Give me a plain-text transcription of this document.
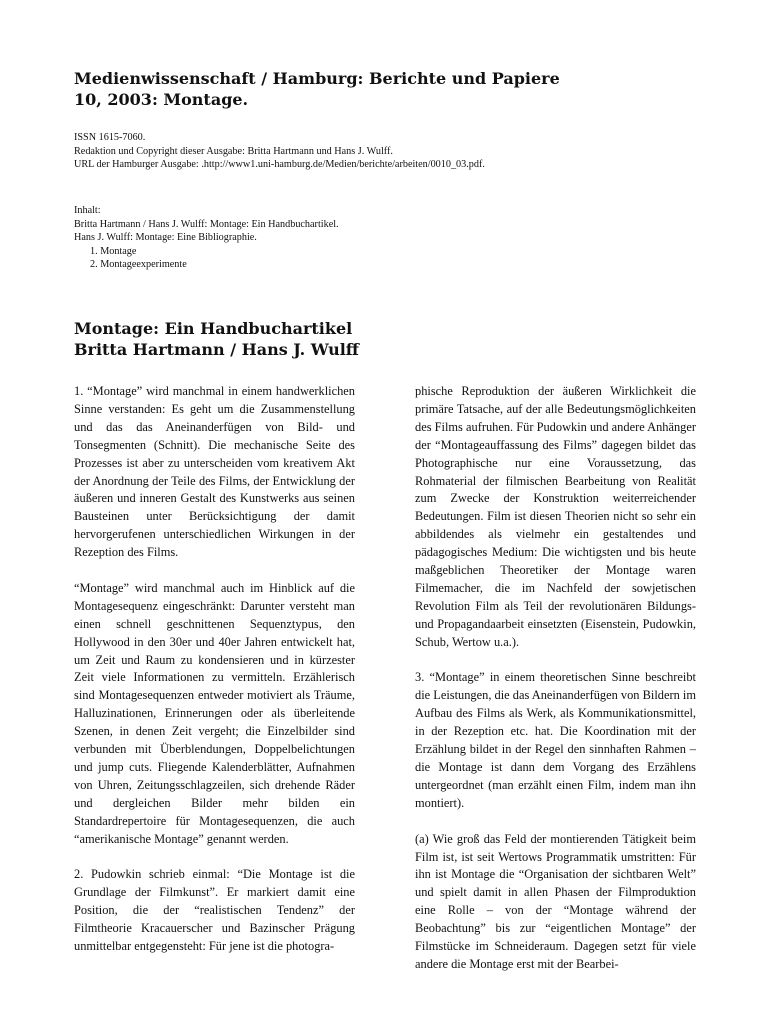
Medienwissenschaft / Hamburg: Berichte und Papiere
10, 2003: Montage.
ISSN 1615-7060.
Redaktion und Copyright dieser Ausgabe: Britta Hartmann und Hans J. Wulff.
URL der Hamburger Ausgabe: .http://www1.uni-hamburg.de/Medien/berichte/arbeiten/0010_03.pdf.
Inhalt:
Britta Hartmann / Hans J. Wulff: Montage: Ein Handbuchartikel.
Hans J. Wulff: Montage: Eine Bibliographie.
1. Montage
2. Montageexperimente
Montage: Ein Handbuchartikel
Britta Hartmann / Hans J. Wulff

1. “Montage” wird manchmal in einem handwerklichen Sinne verstanden: Es geht um die Zusammenstellung und das das Aneinanderfügen von Bild- und Tonsegmenten (Schnitt). Die mechanische Seite des Prozesses ist aber zu unterscheiden vom kreativem Akt der Anordnung der Teile des Films, der Entwicklung der äußeren und inneren Gestalt des Kunstwerks aus seinen Bausteinen unter Berücksichtigung der damit hervorgerufenen unterschiedlichen Wirkungen in der Rezeption des Films.

“Montage” wird manchmal auch im Hinblick auf die Montagesequenz eingeschränkt: Darunter versteht man einen schnell geschnittenen Sequenztypus, den Hollywood in den 30er und 40er Jahren entwickelt hat, um Zeit und Raum zu kondensieren und in kürzester Zeit viele Informationen zu vermitteln. Erzählerisch sind Montagesequenzen entweder motiviert als Träume, Halluzinationen, Erinnerungen oder als überleitende Szenen, in denen Zeit vergeht; die Einzelbilder sind verbunden mit Überblendungen, Doppelbelichtungen und jump cuts. Fliegende Kalenderblätter, Aufnahmen von Uhren, Zeitungsschlagzeilen, sich drehende Räder und dergleichen Bilder mehr bilden ein Standardrepertoire für Montagesequenzen, die auch “amerikanische Montage” genannt werden.

2. Pudowkin schrieb einmal: “Die Montage ist die Grundlage der Filmkunst”. Er markiert damit eine Position, die der “realistischen Tendenz” der Filmtheorie Kracauerscher und Bazinscher Prägung unmittelbar entgegensteht: Für jene ist die photogra-

phische Reproduktion der äußeren Wirklichkeit die primäre Tatsache, auf der alle Bedeutungsmöglichkeiten des Films aufruhen. Für Pudowkin und andere Anhänger der “Montageauffassung des Films” dagegen bildet das Photographische nur eine Voraussetzung, das Rohmaterial der filmischen Bearbeitung von Realität zum Zwecke der Konstruktion weiterreichender Bedeutungen. Film ist diesen Theorien nicht so sehr ein abbildendes als vielmehr ein gestaltendes und pädagogisches Medium: Die wichtigsten und bis heute maßgeblichen Theoretiker der Montage waren Filmemacher, die im Nachfeld der sowjetischen Revolution Film als Teil der revolutionären Bildungs- und Propagandaarbeit einsetzten (Eisenstein, Pudowkin, Schub, Wertow u.a.).

3. “Montage” in einem theoretischen Sinne beschreibt die Leistungen, die das Aneinanderfügen von Bildern im Aufbau des Films als Werk, als Kommunikationsmittel, in der Rezeption etc. hat. Die Koordination mit der Erzählung bildet in der Regel den sinnhaften Rahmen – die Montage ist dann dem Vorgang des Erzählens untergeordnet (man erzählt einen Film, indem man ihn montiert).

(a) Wie groß das Feld der montierenden Tätigkeit beim Film ist, ist seit Wertows Programmatik umstritten: Für ihn ist Montage die “Organisation der sichtbaren Welt” und spielt damit in allen Phasen der Filmproduktion eine Rolle – von der “Montage während der Beobachtung” bis zur “eigentlichen Montage” der Filmstücke im Schneideraum. Dagegen setzt für viele andere die Montage erst mit der Bearbei-
